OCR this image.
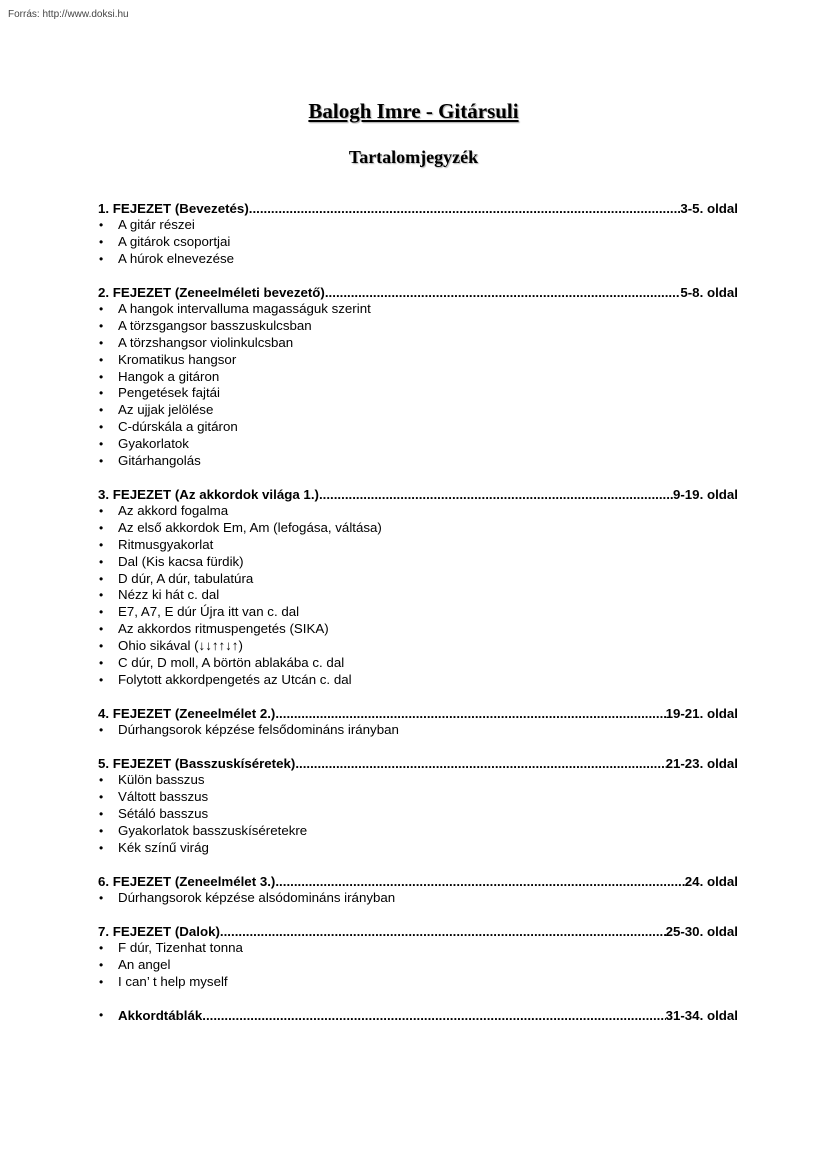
Forrás: http://www.doksi.hu
Balogh Imre - Gitársuli
Tartalomjegyzék
1. FEJEZET (Bevezetés) .....	3-5. oldal
• A gitár részei
• A gitárok csoportjai
• A húrok elnevezése
2. FEJEZET (Zeneelméleti bevezető) .....	5-8. oldal
• A hangok intervalluma magasságuk szerint
• A törzsgangsor basszuskulcsban
• A törzshangsor violinkulcsban
• Kromatikus hangsor
• Hangok a gitáron
• Pengetések fajtái
• Az ujjak jelölése
• C-dúrskála a gitáron
• Gyakorlatok
• Gitárhangolás
3. FEJEZET (Az akkordok világa 1.) .....	9-19. oldal
• Az akkord fogalma
• Az első akkordok Em, Am (lefogása, váltása)
• Ritmusgyakorlat
• Dal (Kis kacsa fürdik)
• D dúr, A dúr, tabulatúra
• Nézz ki hát c. dal
• E7, A7, E dúr Újra itt van c. dal
• Az akkordos ritmuspengetés (SIKA)
• Ohio sikával (↓↓↑↑↓↑)
• C dúr, D moll, A börtön ablakába c. dal
• Folytott akkordpengetés az Utcán c. dal
4. FEJEZET (Zeneelmélet 2.) .....	19-21. oldal
• Dúrhangsorok képzése felsődomináns irányban
5. FEJEZET (Basszuskíséretek) .....	21-23. oldal
• Külön basszus
• Váltott basszus
• Sétáló basszus
• Gyakorlatok basszuskíséretekre
• Kék színű virág
6. FEJEZET (Zeneelmélet 3.) .....	24. oldal
• Dúrhangsorok képzése alsódomináns irányban
7. FEJEZET (Dalok) .....	25-30. oldal
• F dúr, Tizenhat tonna
• An angel
• I can’ t help myself
• Akkordtáblák .....	31-34. oldal
